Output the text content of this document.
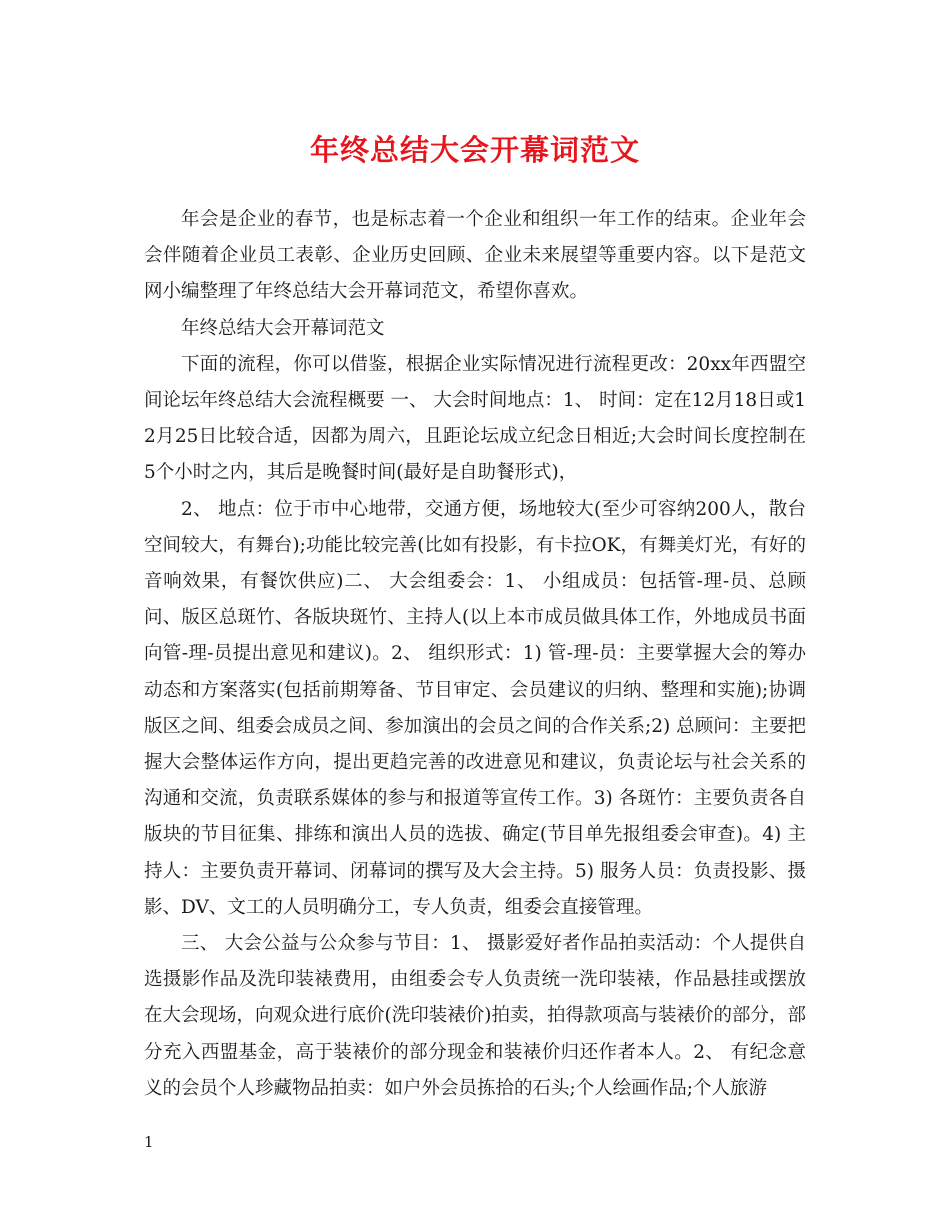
年终总结大会开幕词范文

年会是企业的春节，也是标志着一个企业和组织一年工作的结束。企业年会会伴随着企业员工表彰、企业历史回顾、企业未来展望等重要内容。以下是范文网小编整理了年终总结大会开幕词范文，希望你喜欢。

年终总结大会开幕词范文

下面的流程，你可以借鉴，根据企业实际情况进行流程更改：20xx年西盟空间论坛年终总结大会流程概要 一、 大会时间地点：1、 时间：定在12月18日或12月25日比较合适，因都为周六，且距论坛成立纪念日相近;大会时间长度控制在5个小时之内，其后是晚餐时间(最好是自助餐形式)，

2、 地点：位于市中心地带，交通方便，场地较大(至少可容纳200人，散台空间较大，有舞台);功能比较完善(比如有投影，有卡拉OK，有舞美灯光，有好的音响效果，有餐饮供应)二、 大会组委会：1、 小组成员：包括管-理-员、总顾问、版区总斑竹、各版块斑竹、主持人(以上本市成员做具体工作，外地成员书面向管-理-员提出意见和建议)。2、 组织形式：1) 管-理-员：主要掌握大会的筹办动态和方案落实(包括前期筹备、节目审定、会员建议的归纳、整理和实施);协调版区之间、组委会成员之间、参加演出的会员之间的合作关系;2) 总顾问：主要把握大会整体运作方向，提出更趋完善的改进意见和建议，负责论坛与社会关系的沟通和交流，负责联系媒体的参与和报道等宣传工作。3) 各斑竹：主要负责各自版块的节目征集、排练和演出人员的选拔、确定(节目单先报组委会审查)。4) 主持人：主要负责开幕词、闭幕词的撰写及大会主持。5) 服务人员：负责投影、摄影、DV、文工的人员明确分工，专人负责，组委会直接管理。

三、 大会公益与公众参与节目：1、 摄影爱好者作品拍卖活动：个人提供自选摄影作品及洗印装裱费用，由组委会专人负责统一洗印装裱，作品悬挂或摆放在大会现场，向观众进行底价(洗印装裱价)拍卖，拍得款项高与装裱价的部分，部分充入西盟基金，高于装裱价的部分现金和装裱价归还作者本人。2、 有纪念意义的会员个人珍藏物品拍卖：如户外会员拣拾的石头;个人绘画作品;个人旅游

1
